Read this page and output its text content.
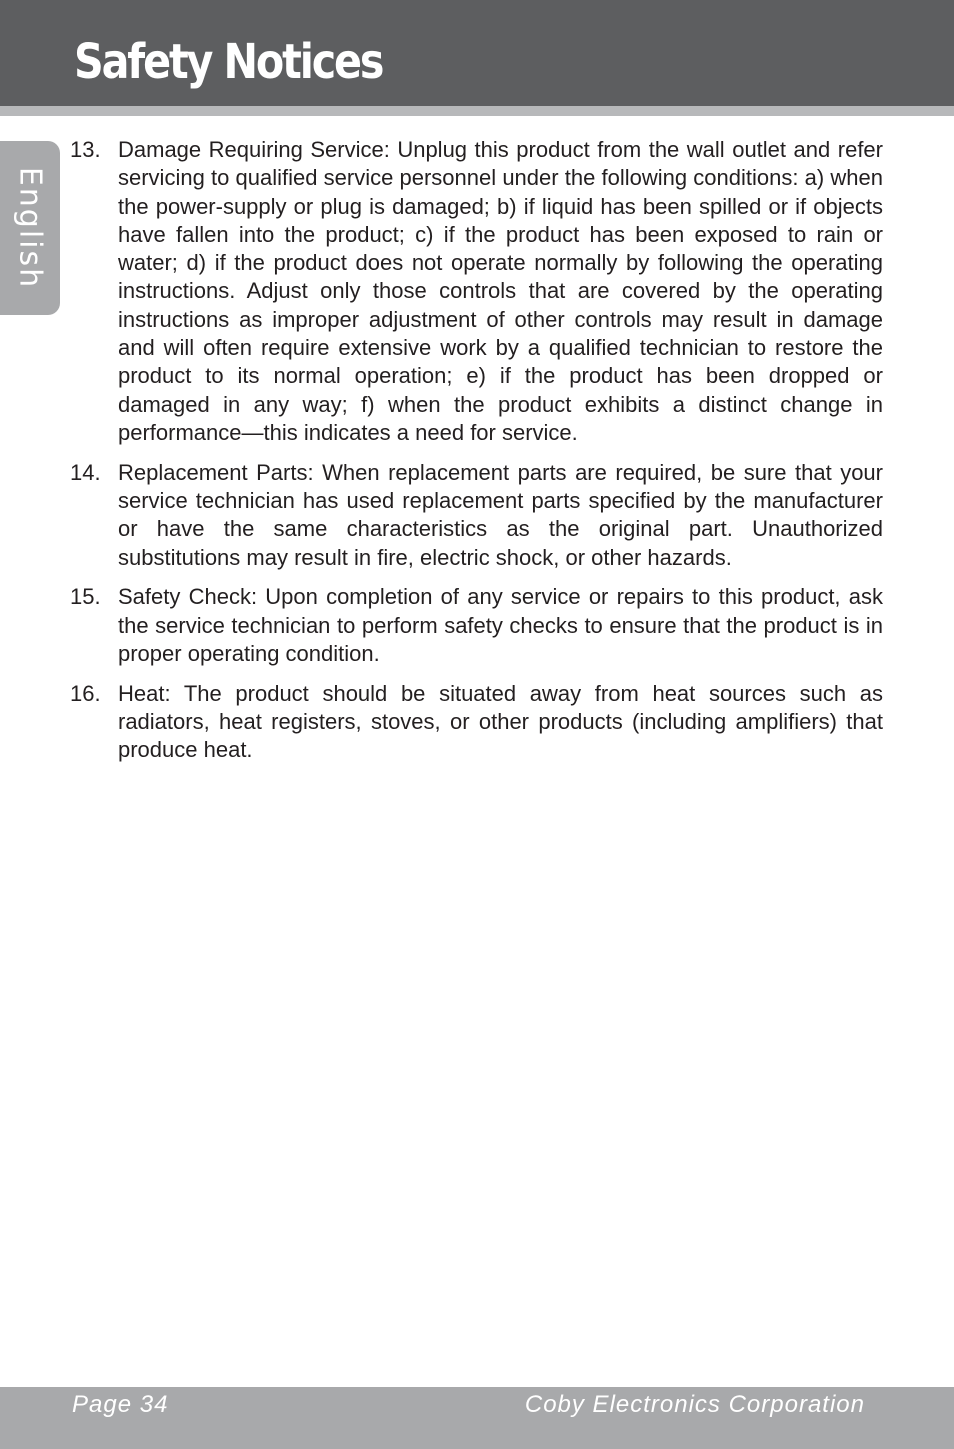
Safety Notices
English
13. Damage Requiring Service: Unplug this product from the wall outlet and refer servicing to qualified service personnel under the following conditions: a) when the power-supply or plug is damaged; b) if liquid has been spilled or if objects have fallen into the product; c) if the product has been exposed to rain or water; d) if the product does not operate normally by following the operating instructions. Adjust only those controls that are covered by the operating instructions as improper adjustment of other controls may result in damage and will often require extensive work by a qualified technician to restore the product to its normal operation; e) if the product has been dropped or damaged in any way; f) when the product exhibits a distinct change in performance—this indicates a need for service.
14. Replacement Parts: When replacement parts are required, be sure that your service technician has used replacement parts specified by the manufacturer or have the same characteristics as the original part. Unauthorized substitutions may result in fire, electric shock, or other hazards.
15. Safety Check: Upon completion of any service or repairs to this product, ask the service technician to perform safety checks to ensure that the product is in proper operating condition.
16. Heat: The product should be situated away from heat sources such as radiators, heat registers, stoves, or other products (including amplifiers) that produce heat.
Page 34	Coby Electronics Corporation
